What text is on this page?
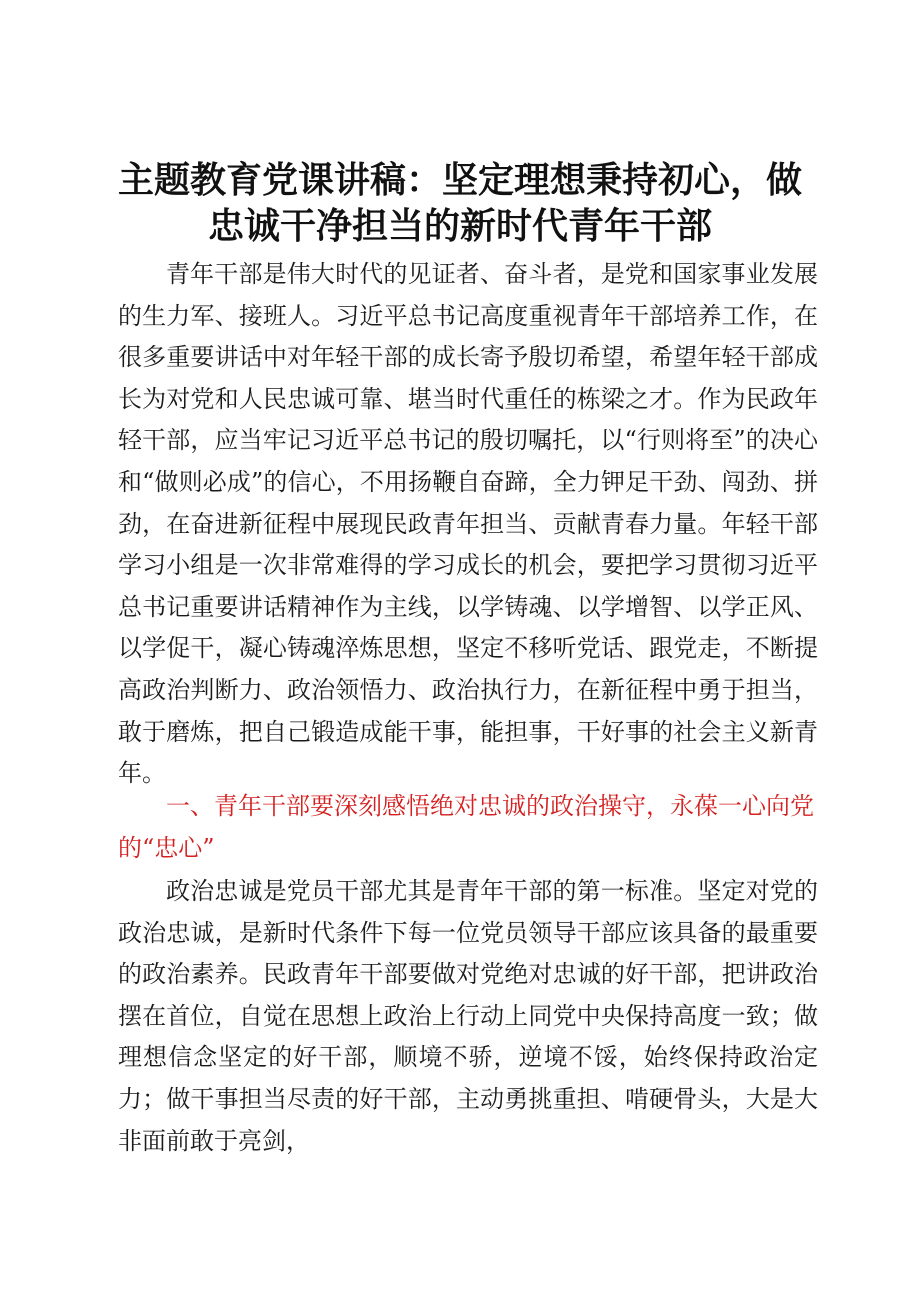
主题教育党课讲稿：坚定理想秉持初心，做忠诚干净担当的新时代青年干部

青年干部是伟大时代的见证者、奋斗者，是党和国家事业发展的生力军、接班人。习近平总书记高度重视青年干部培养工作，在很多重要讲话中对年轻干部的成长寄予殷切希望，希望年轻干部成长为对党和人民忠诚可靠、堪当时代重任的栋梁之才。作为民政年轻干部，应当牢记习近平总书记的殷切嘱托，以“行则将至”的决心和“做则必成”的信心，不用扬鞭自奋蹄，全力钾足干劲、闯劲、拼劲，在奋进新征程中展现民政青年担当、贡献青春力量。年轻干部学习小组是一次非常难得的学习成长的机会，要把学习贯彻习近平总书记重要讲话精神作为主线，以学铸魂、以学增智、以学正风、以学促干，凝心铸魂淬炼思想，坚定不移听党话、跟党走，不断提高政治判断力、政治领悟力、政治执行力，在新征程中勇于担当，敢于磨炼，把自己锻造成能干事，能担事，干好事的社会主义新青年。

一、青年干部要深刻感悟绝对忠诚的政治操守，永葆一心向党的“忠心”

政治忠诚是党员干部尤其是青年干部的第一标准。坚定对党的政治忠诚，是新时代条件下每一位党员领导干部应该具备的最重要的政治素养。民政青年干部要做对党绝对忠诚的好干部，把讲政治摆在首位，自觉在思想上政治上行动上同党中央保持高度一致；做理想信念坚定的好干部，顺境不骄，逆境不馁，始终保持政治定力；做干事担当尽责的好干部，主动勇挑重担、啃硬骨头，大是大非面前敢于亮剑，
